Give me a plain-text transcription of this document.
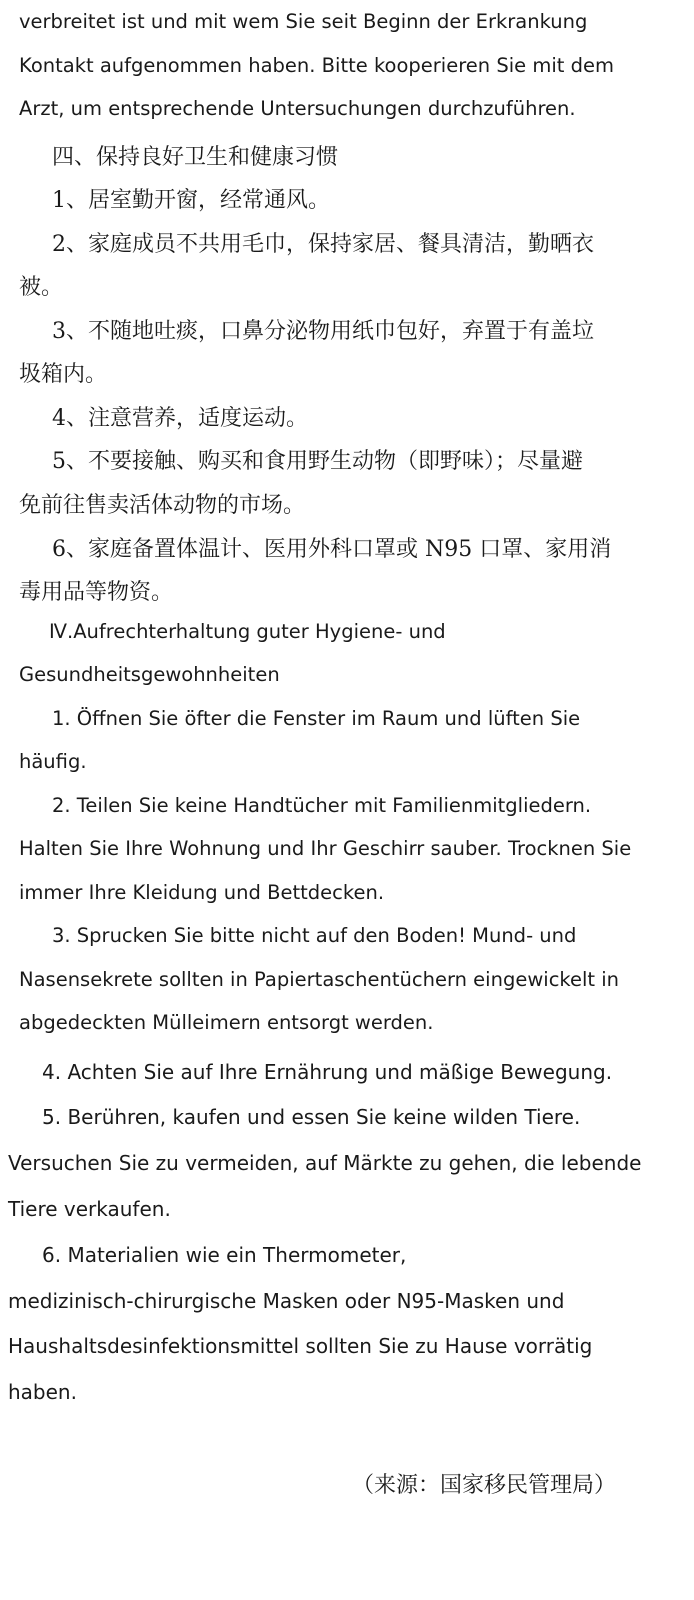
verbreitet ist und mit wem Sie seit Beginn der Erkrankung
Kontakt aufgenommen haben. Bitte kooperieren Sie mit dem
Arzt, um entsprechende Untersuchungen durchzuführen.
四、保持良好卫生和健康习惯
1、居室勤开窗，经常通风。
2、家庭成员不共用毛巾，保持家居、餐具清洁，勤晒衣
被。
3、不随地吐痰，口鼻分泌物用纸巾包好，弃置于有盖垃
圾箱内。
4、注意营养，适度运动。
5、不要接触、购买和食用野生动物（即野味）；尽量避
免前往售卖活体动物的市场。
6、家庭备置体温计、医用外科口罩或 N95 口罩、家用消
毒用品等物资。
Ⅳ.Aufrechterhaltung guter Hygiene- und
Gesundheitsgewohnheiten
1. Öffnen Sie öfter die Fenster im Raum und lüften Sie
häufig.
2. Teilen Sie keine Handtücher mit Familienmitgliedern.
Halten Sie Ihre Wohnung und Ihr Geschirr sauber. Trocknen Sie
immer Ihre Kleidung und Bettdecken.
3. Sprucken Sie bitte nicht auf den Boden! Mund- und
Nasensekrete sollten in Papiertaschentüchern eingewickelt in
abgedeckten Mülleimern entsorgt werden.
4. Achten Sie auf Ihre Ernährung und mäßige Bewegung.
5. Berühren, kaufen und essen Sie keine wilden Tiere.
Versuchen Sie zu vermeiden, auf Märkte zu gehen, die lebende
Tiere verkaufen.
6. Materialien wie ein Thermometer,
medizinisch-chirurgische Masken oder N95-Masken und
Haushaltsdesinfektionsmittel sollten Sie zu Hause vorrätig
haben.
（来源：国家移民管理局）
